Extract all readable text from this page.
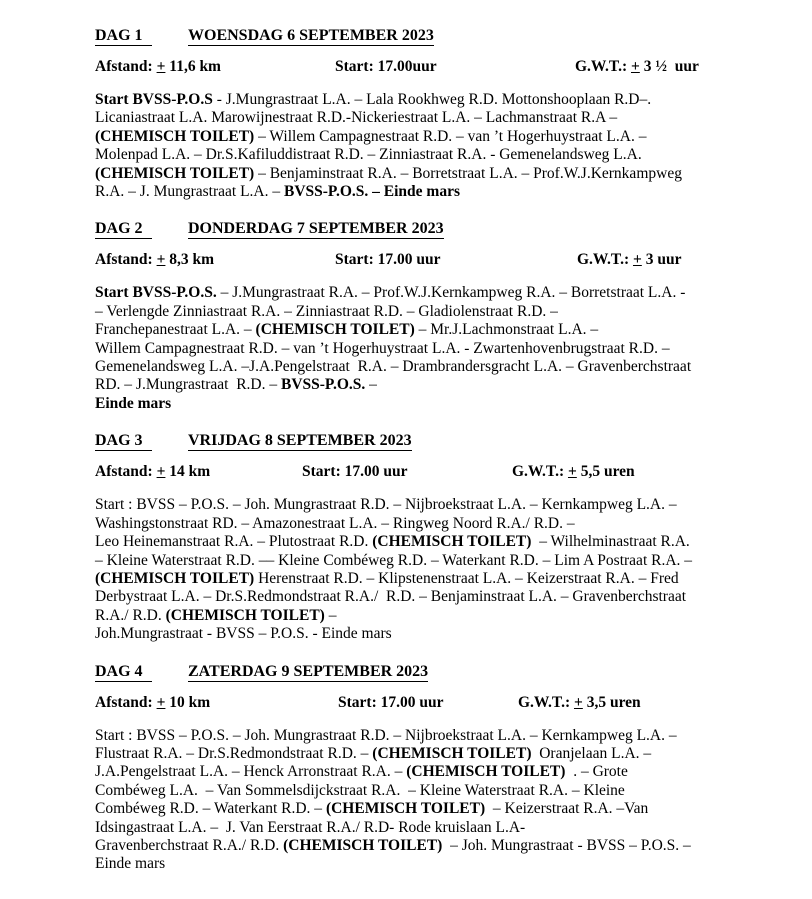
DAG 1	WOENSDAG 6 SEPTEMBER 2023
Afstand: + 11,6 km	Start: 17.00uur	G.W.T.: + 3 ½  uur
Start BVSS-P.O.S - J.Mungrastraat L.A. – Lala Rookhweg R.D. Mottonshooplaan R.D–.
Licaniastraat L.A. Marowijnestraat R.D.-Nickeriestraat L.A. – Lachmanstraat R.A –
(CHEMISCH TOILET) – Willem Campagnestraat R.D. – van ’t Hogerhuystraat L.A. –
Molenpad L.A. – Dr.S.Kafiluddistraat R.D. – Zinniastraat R.A. - Gemenelandsweg L.A.
(CHEMISCH TOILET) – Benjaminstraat R.A. – Borretstraat L.A. – Prof.W.J.Kernkampweg
R.A. – J. Mungrastraat L.A. – BVSS-P.O.S. – Einde mars
DAG 2	DONDERDAG 7 SEPTEMBER 2023
Afstand: + 8,3 km	Start: 17.00 uur	G.W.T.: + 3 uur
Start BVSS-P.O.S. – J.Mungrastraat R.A. – Prof.W.J.Kernkampweg R.A. – Borretstraat L.A. -
– Verlengde Zinniastraat R.A. – Zinniastraat R.D. – Gladiolenstraat R.D. –
Franchepanestraat L.A. – (CHEMISCH TOILET) – Mr.J.Lachmonstraat L.A. –
Willem Campagnestraat R.D. – van ’t Hogerhuystraat L.A. - Zwartenhovenbrugstraat R.D. –
Gemenelandsweg L.A. –J.A.Pengelstraat  R.A. – Drambrandersgracht L.A. – Gravenberchstraat
RD. – J.Mungrastraat  R.D. – BVSS-P.O.S. –
Einde mars
DAG 3	VRIJDAG 8 SEPTEMBER 2023
Afstand: + 14 km	Start: 17.00 uur	G.W.T.: + 5,5 uren
Start : BVSS – P.O.S. – Joh. Mungrastraat R.D. – Nijbroekstraat L.A. – Kernkampweg L.A. –
Washingstonstraat RD. – Amazonestraat L.A. – Ringweg Noord R.A./ R.D. –
Leo Heinemanstraat R.A. – Plutostraat R.D. (CHEMISCH TOILET)  – Wilhelminastraat R.A.
– Kleine Waterstraat R.D. –– Kleine Combéweg R.D. – Waterkant R.D. – Lim A Postraat R.A. –
(CHEMISCH TOILET) Herenstraat R.D. – Klipstenenstraat L.A. – Keizerstraat R.A. – Fred
Derbystraat L.A. – Dr.S.Redmondstraat R.A./  R.D. – Benjaminstraat L.A. – Gravenberchstraat
R.A./ R.D. (CHEMISCH TOILET) –
Joh.Mungrastraat - BVSS – P.O.S. - Einde mars
DAG 4	ZATERDAG 9 SEPTEMBER 2023
Afstand: + 10 km	Start: 17.00 uur	G.W.T.: + 3,5 uren
Start : BVSS – P.O.S. – Joh. Mungrastraat R.D. – Nijbroekstraat L.A. – Kernkampweg L.A. –
Flustraat R.A. – Dr.S.Redmondstraat R.D. – (CHEMISCH TOILET)  Oranjelaan L.A. –
J.A.Pengelstraat L.A. – Henck Arronstraat R.A. – (CHEMISCH TOILET)  . – Grote
Combéweg L.A.  – Van Sommelsdijckstraat R.A.  – Kleine Waterstraat R.A. – Kleine
Combéweg R.D. – Waterkant R.D. – (CHEMISCH TOILET)  – Keizerstraat R.A. –Van
Idsingastraat L.A. –  J. Van Eerstraat R.A./ R.D- Rode kruislaan L.A-
Gravenberchstraat R.A./ R.D. (CHEMISCH TOILET)  – Joh. Mungrastraat - BVSS – P.O.S. –
Einde mars
